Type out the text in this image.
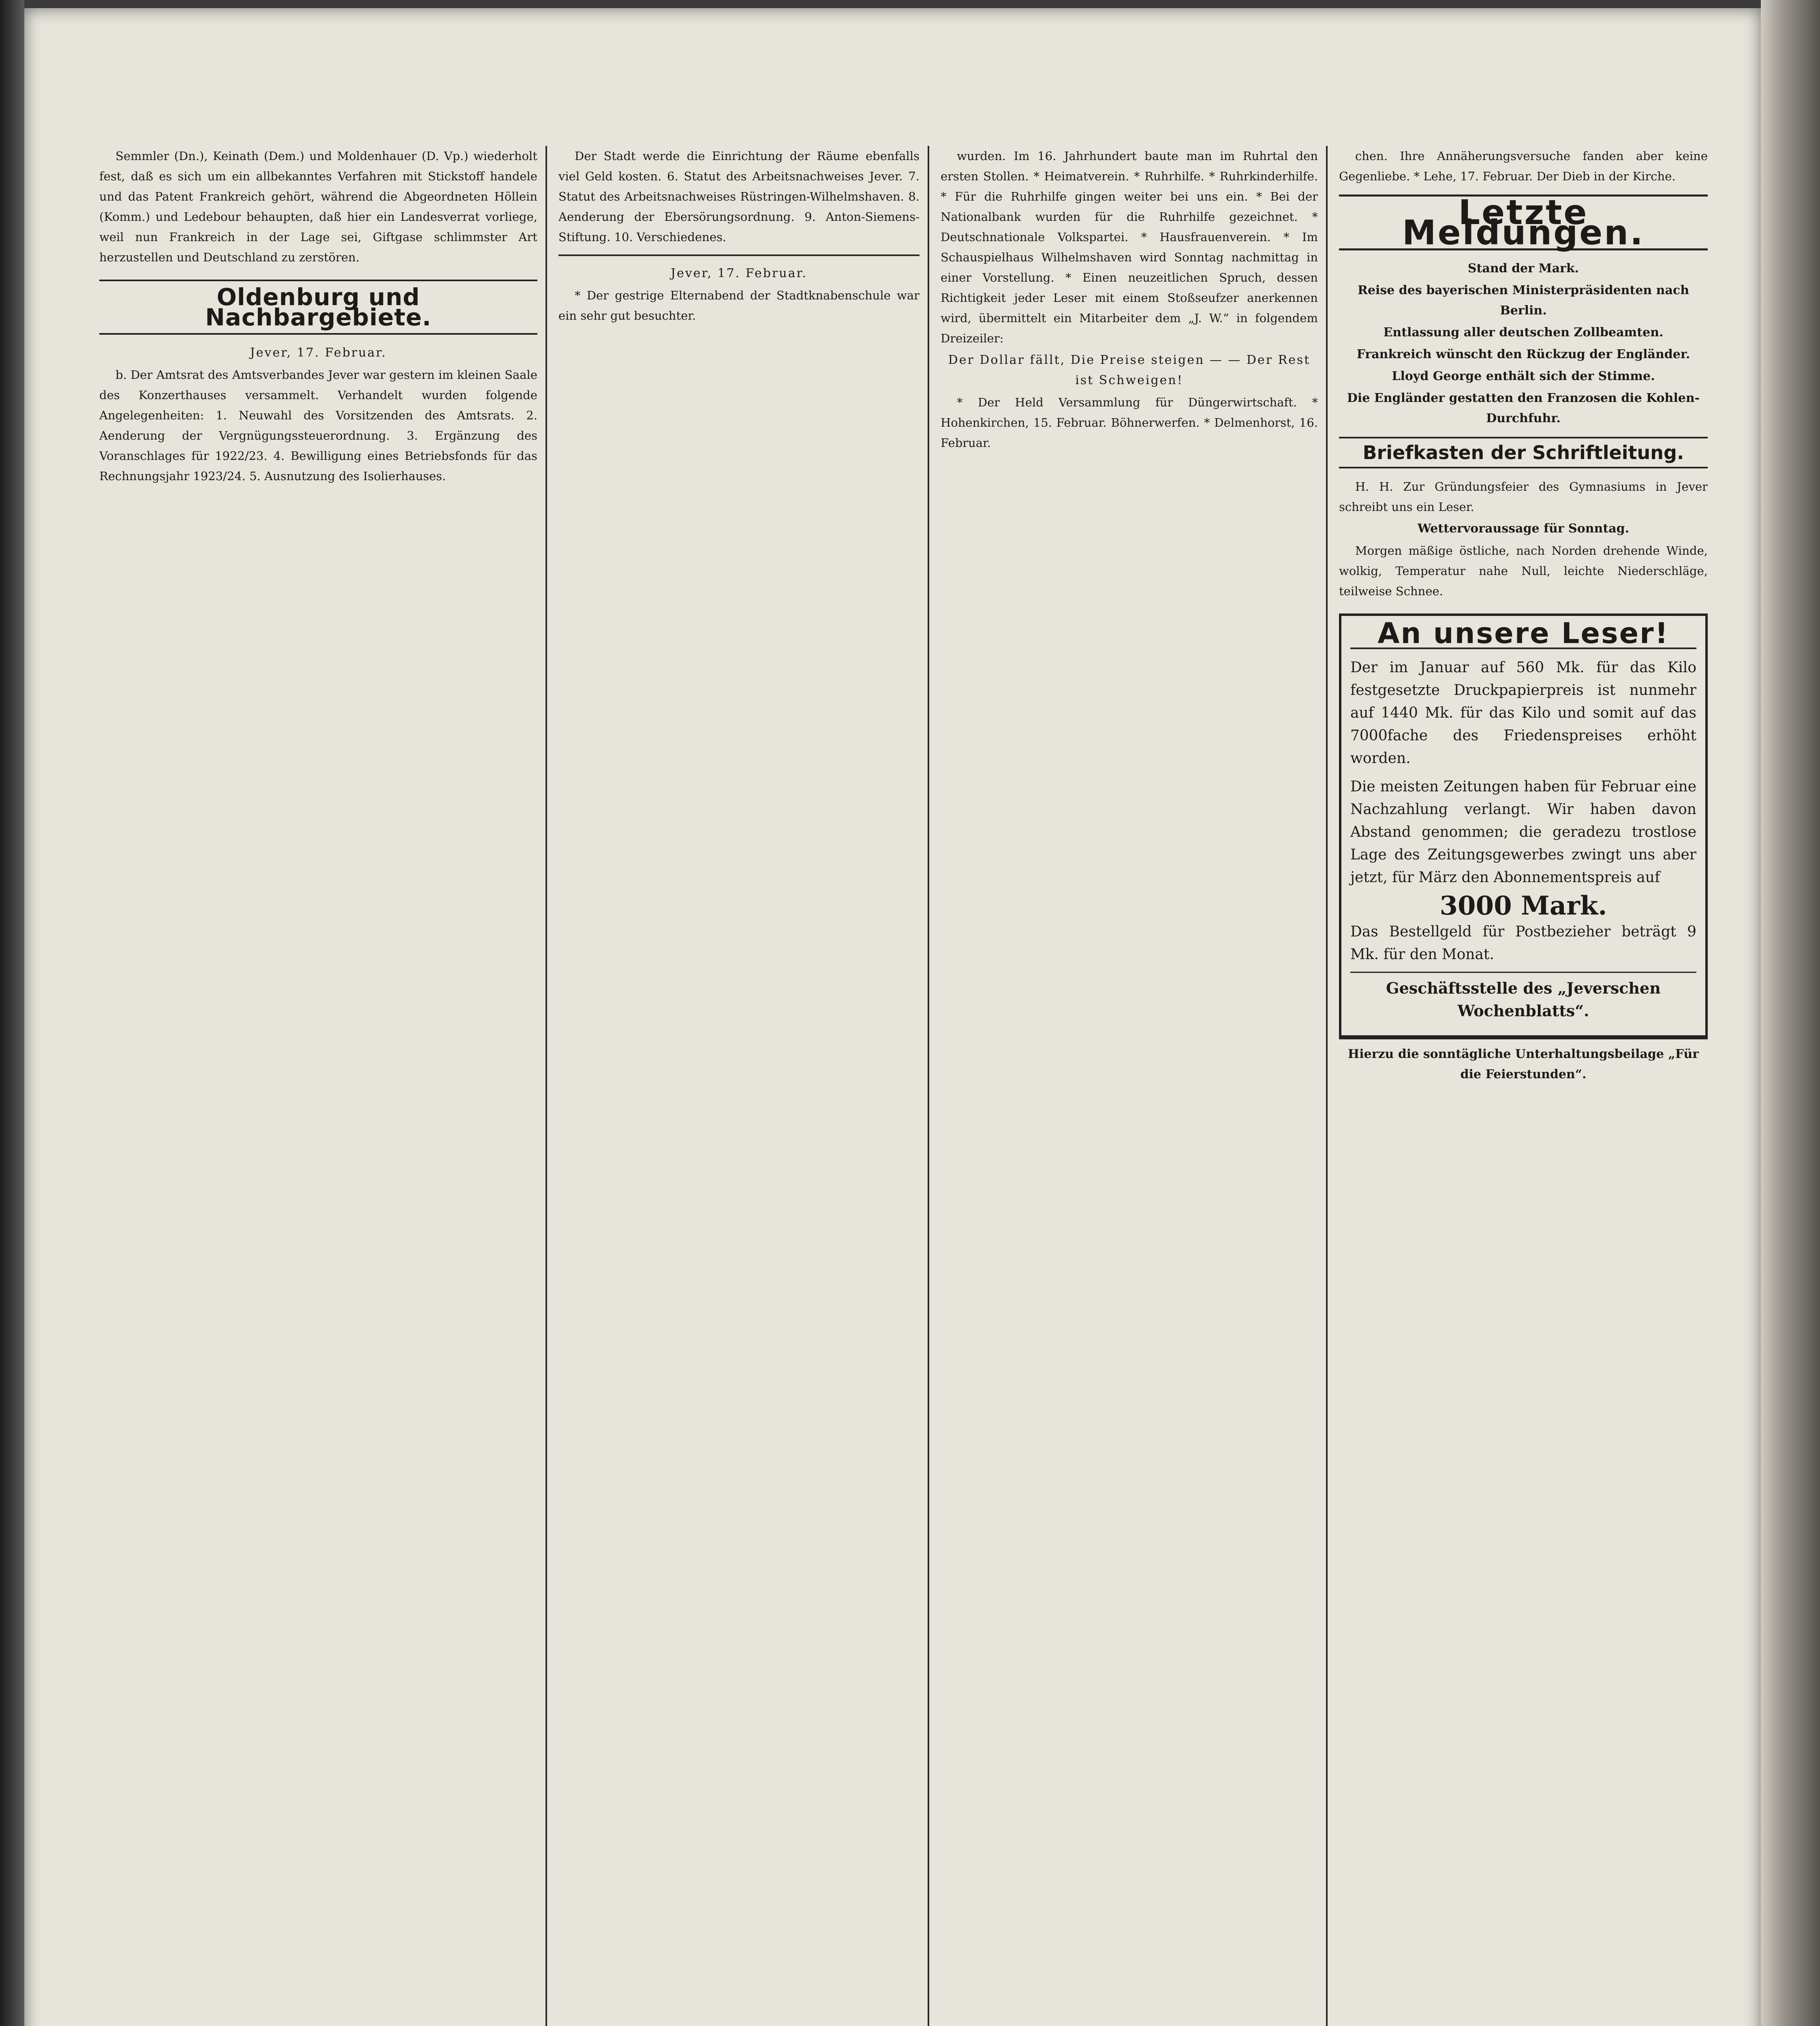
Semmler (Dn.), Keinath (Dem.) und Moldenhauer (D. Vp.) wiederholt fest, daß es sich um ein allbekanntes Verfahren mit Stickstoff handele und das Patent Frankreich gehört, während die Abgeordneten Höllein (Komm.) und Ledebour behaupten, daß hier ein Landesverrat vorliege, weil nun Frankreich in der Lage sei, Giftgase schlimmster Art herzustellen und Deutschland zu zerstören.

Oldenburg und Nachbargebiete.

Jever, 17. Februar.

b. Der Amtsrat des Amtsverbandes Jever war gestern im kleinen Saale des Konzerthauses versammelt. Verhandelt wurden folgende Angelegenheiten: 1. Neuwahl des Vorsitzenden des Amtsrats. 2. Aenderung der Vergnügungssteuerordnung. 3. Ergänzung des Voranschlages für 1922/23. 4. Bewilligung eines Betriebsfonds für das Rechnungsjahr 1923/24. 5. Ausnutzung des Isolierhauses.

Der Stadt werde die Einrichtung der Räume ebenfalls viel Geld kosten. 6. Statut des Arbeitsnachweises Jever. 7. Statut des Arbeitsnachweises Rüstringen-Wilhelmshaven. 8. Aenderung der Ebersörungsordnung. 9. Anton-Siemens-Stiftung. 10. Verschiedenes.

Jever, 17. Februar.

* Der gestrige Elternabend der Stadtknabenschule war ein sehr gut besuchter.

wurden. Im 16. Jahrhundert baute man im Ruhrtal den ersten Stollen. * Heimatverein. * Ruhrhilfe. * Ruhrkinderhilfe. * Für die Ruhrhilfe gingen weiter bei uns ein. * Bei der Nationalbank wurden für die Ruhrhilfe gezeichnet. * Deutschnationale Volkspartei. * Hausfrauenverein. * Im Schauspielhaus Wilhelmshaven wird Sonntag nachmittag in einer Vorstellung. * Einen neuzeitlichen Spruch, dessen Richtigkeit jeder Leser mit einem Stoßseufzer anerkennen wird, übermittelt ein Mitarbeiter dem „J. W.“ in folgendem Dreizeiler:

Der Dollar fällt, Die Preise steigen — — Der Rest ist Schweigen!

* Der Held Versammlung für Düngerwirtschaft. * Hohenkirchen, 15. Februar. Böhnerwerfen. * Delmenhorst, 16. Februar.

chen. Ihre Annäherungsversuche fanden aber keine Gegenliebe. * Lehe, 17. Februar. Der Dieb in der Kirche.

Letzte Meldungen.

Stand der Mark.

Reise des bayerischen Ministerpräsidenten nach Berlin.

Entlassung aller deutschen Zollbeamten.

Frankreich wünscht den Rückzug der Engländer.

Lloyd George enthält sich der Stimme.

Die Engländer gestatten den Franzosen die Kohlen-Durchfuhr.

Briefkasten der Schriftleitung.

H. H. Zur Gründungsfeier des Gymnasiums in Jever schreibt uns ein Leser.

Wettervoraussage für Sonntag.

Morgen mäßige östliche, nach Norden drehende Winde, wolkig, Temperatur nahe Null, leichte Niederschläge, teilweise Schnee.

An unsere Leser!

Der im Januar auf 560 Mk. für das Kilo festgesetzte Druckpapierpreis ist nunmehr auf 1440 Mk. für das Kilo und somit auf das 7000fache des Friedenspreises erhöht worden.

Die meisten Zeitungen haben für Februar eine Nachzahlung verlangt. Wir haben davon Abstand genommen; die geradezu trostlose Lage des Zeitungsgewerbes zwingt uns aber jetzt, für März den Abonnementspreis auf

3000 Mark.

Das Bestellgeld für Postbezieher beträgt 9 Mk. für den Monat.

Geschäftsstelle des „Jeverschen Wochenblatts“.

Hierzu die sonntägliche Unterhaltungsbeilage „Für die Feierstunden“.
